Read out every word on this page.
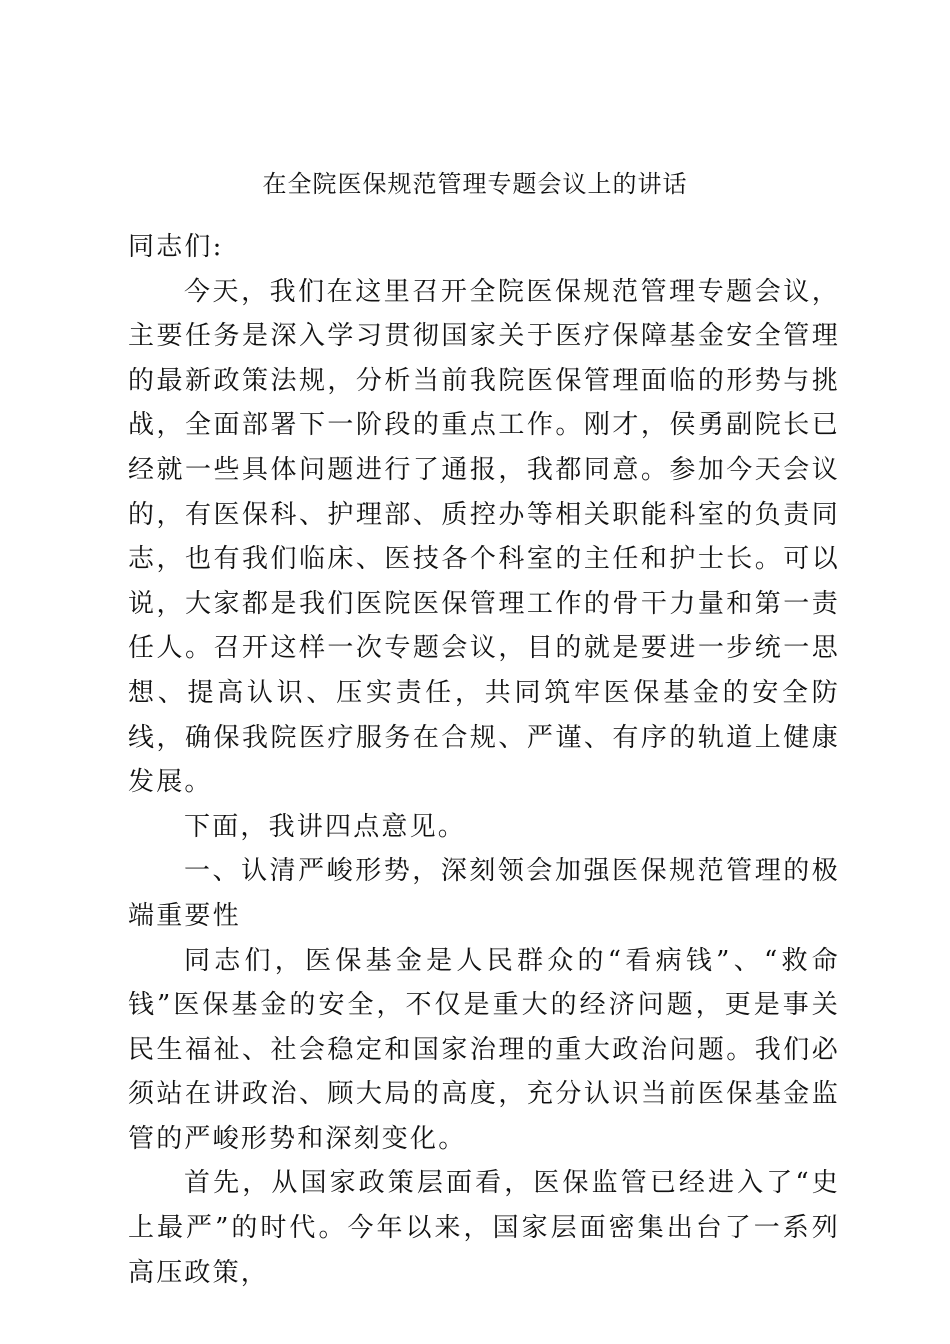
在全院医保规范管理专题会议上的讲话

同志们:

今天，我们在这里召开全院医保规范管理专题会议，主要任务是深入学习贯彻国家关于医疗保障基金安全管理的最新政策法规，分析当前我院医保管理面临的形势与挑战，全面部署下一阶段的重点工作。刚才，侯勇副院长已经就一些具体问题进行了通报，我都同意。参加今天会议的，有医保科、护理部、质控办等相关职能科室的负责同志，也有我们临床、医技各个科室的主任和护士长。可以说，大家都是我们医院医保管理工作的骨干力量和第一责任人。召开这样一次专题会议，目的就是要进一步统一思想、提高认识、压实责任，共同筑牢医保基金的安全防线，确保我院医疗服务在合规、严谨、有序的轨道上健康发展。

下面，我讲四点意见。

一、认清严峻形势，深刻领会加强医保规范管理的极端重要性

同志们，医保基金是人民群众的“看病钱”、“救命钱”医保基金的安全，不仅是重大的经济问题，更是事关民生福祉、社会稳定和国家治理的重大政治问题。我们必须站在讲政治、顾大局的高度，充分认识当前医保基金监管的严峻形势和深刻变化。

首先，从国家政策层面看，医保监管已经进入了“史上最严”的时代。今年以来，国家层面密集出台了一系列高压政策，
